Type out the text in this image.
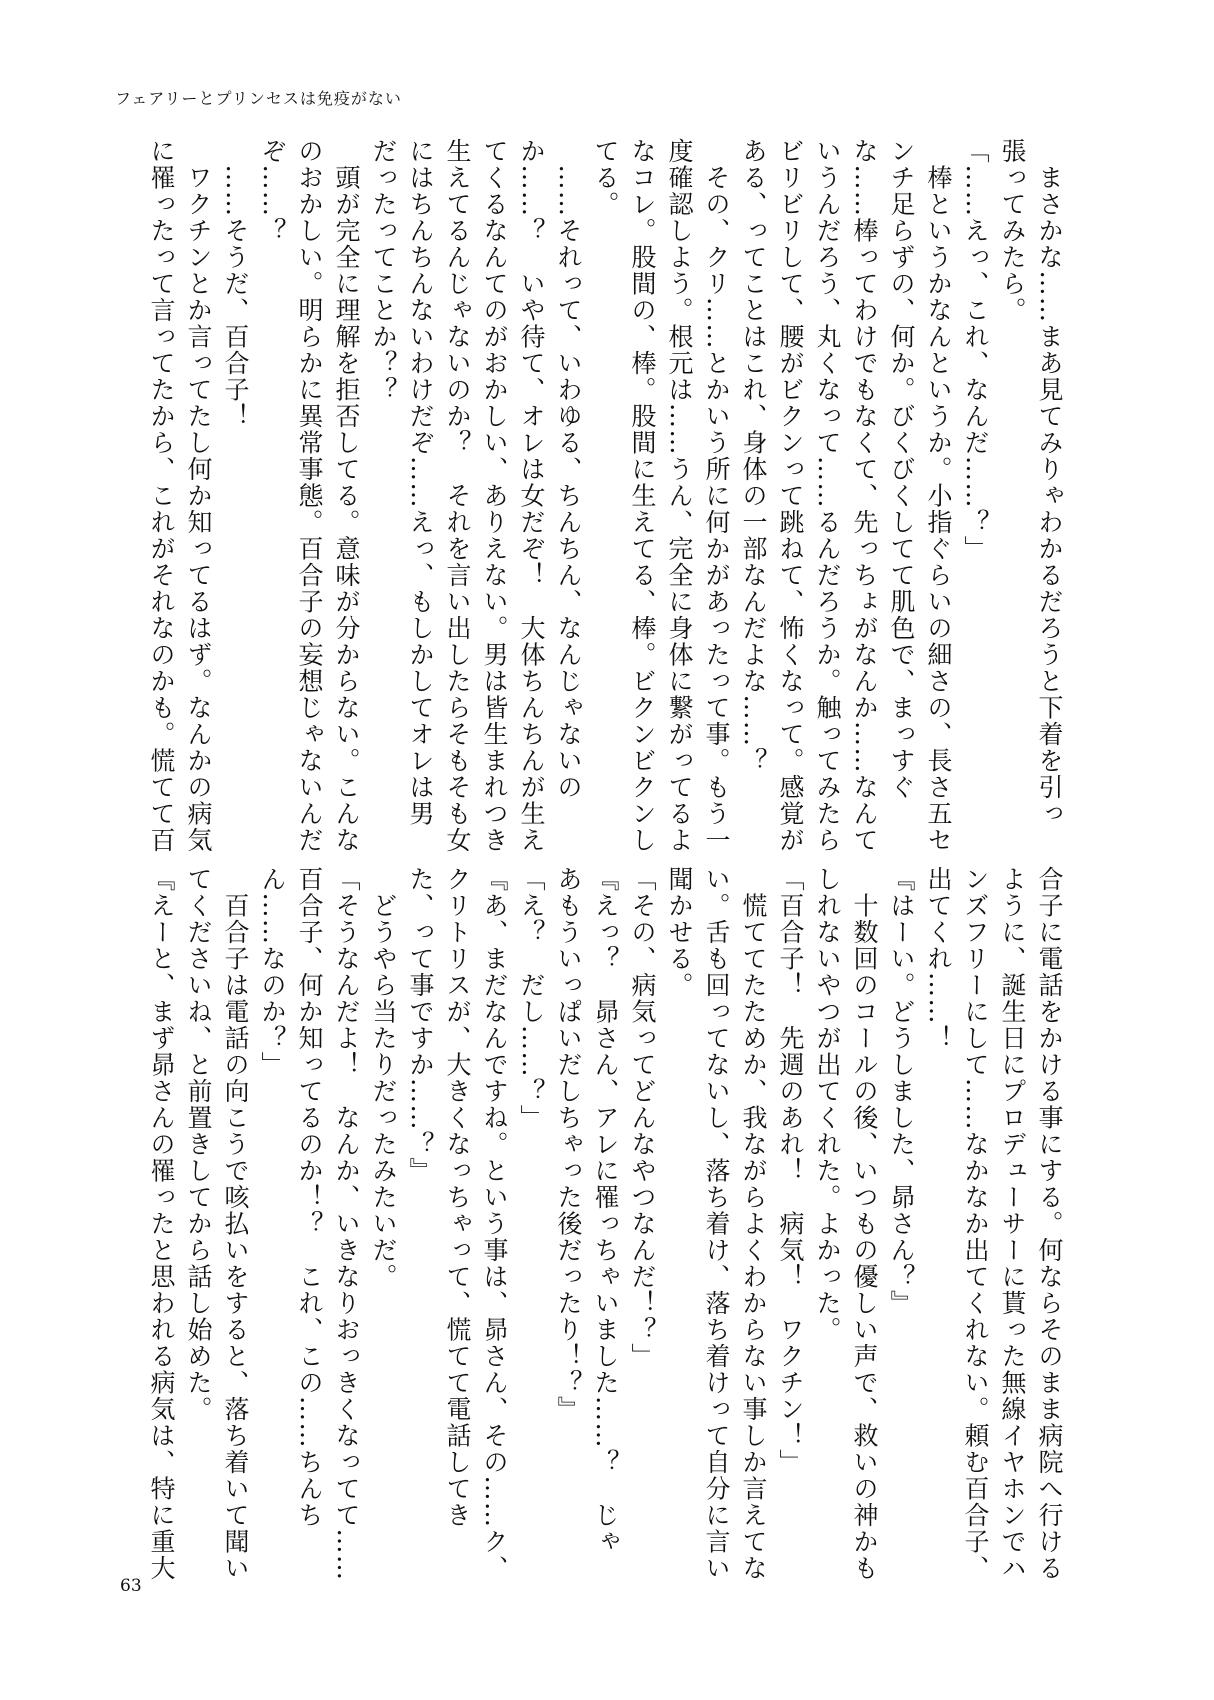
フェアリーとプリンセスは免疫がない
　まさかな……まあ見てみりゃわかるだろうと下着を引っ
張ってみたら。
「……えっ、これ、なんだ……？」
　棒というかなんというか。小指ぐらいの細さの、長さ五セ
ンチ足らずの、何か。びくびくしてて肌色で、まっすぐ
な……棒ってわけでもなくて、先っちょがなんか……なんて
いうんだろう、丸くなって……るんだろうか。触ってみたら
ビリビリして、腰がビクンって跳ねて、怖くなって。感覚が
ある、ってことはこれ、身体の一部なんだよな……？
　その、クリ……とかいう所に何かがあったって事。もう一
度確認しよう。根元は……うん、完全に身体に繋がってるよ
なコレ。股間の、棒。股間に生えてる、棒。ビクンビクンし
てる。
　……それって、いわゆる、ちんちん、なんじゃないの
か……？　いや待て、オレは女だぞ！　大体ちんちんが生え
てくるなんてのがおかしい、ありえない。男は皆生まれつき
生えてるんじゃないのか？　それを言い出したらそもそも女
にはちんちんないわけだぞ……えっ、もしかしてオレは男
だったってことか？？
　頭が完全に理解を拒否してる。意味が分からない。こんな
のおかしい。明らかに異常事態。百合子の妄想じゃないんだ
ぞ……？
　……そうだ、百合子！
　ワクチンとか言ってたし何か知ってるはず。なんかの病気
に罹ったって言ってたから、これがそれなのかも。慌てて百
合子に電話をかける事にする。何ならそのまま病院へ行ける
ように、誕生日にプロデューサーに貰った無線イヤホンでハ
ンズフリーにして……なかなか出てくれない。頼む百合子、
出てくれ……！
『はーい。どうしました、昴さん？』
　十数回のコールの後、いつもの優しい声で、救いの神かも
しれないやつが出てくれた。よかった。
「百合子！　先週のあれ！　病気！　ワクチン！」
　慌ててたためか、我ながらよくわからない事しか言えてな
い。舌も回ってないし、落ち着け、落ち着けって自分に言い
聞かせる。
「その、病気ってどんなやつなんだ！？」
『えっ？　昴さん、アレに罹っちゃいました……？　じゃ
あもういっぱいだしちゃった後だったり！？』
「え？　だし……？」
『あ、まだなんですね。という事は、昴さん、その……ク、
クリトリスが、大きくなっちゃって、慌てて電話してき
た、って事ですか……？』
　どうやら当たりだったみたいだ。
「そうなんだよ！　なんか、いきなりおっきくなってて……
百合子、何か知ってるのか！？　これ、この……ちんち
ん……なのか？」
　百合子は電話の向こうで咳払いをすると、落ち着いて聞い
てくださいね、と前置きしてから話し始めた。
『えーと、まず昴さんの罹ったと思われる病気は、特に重大
63
